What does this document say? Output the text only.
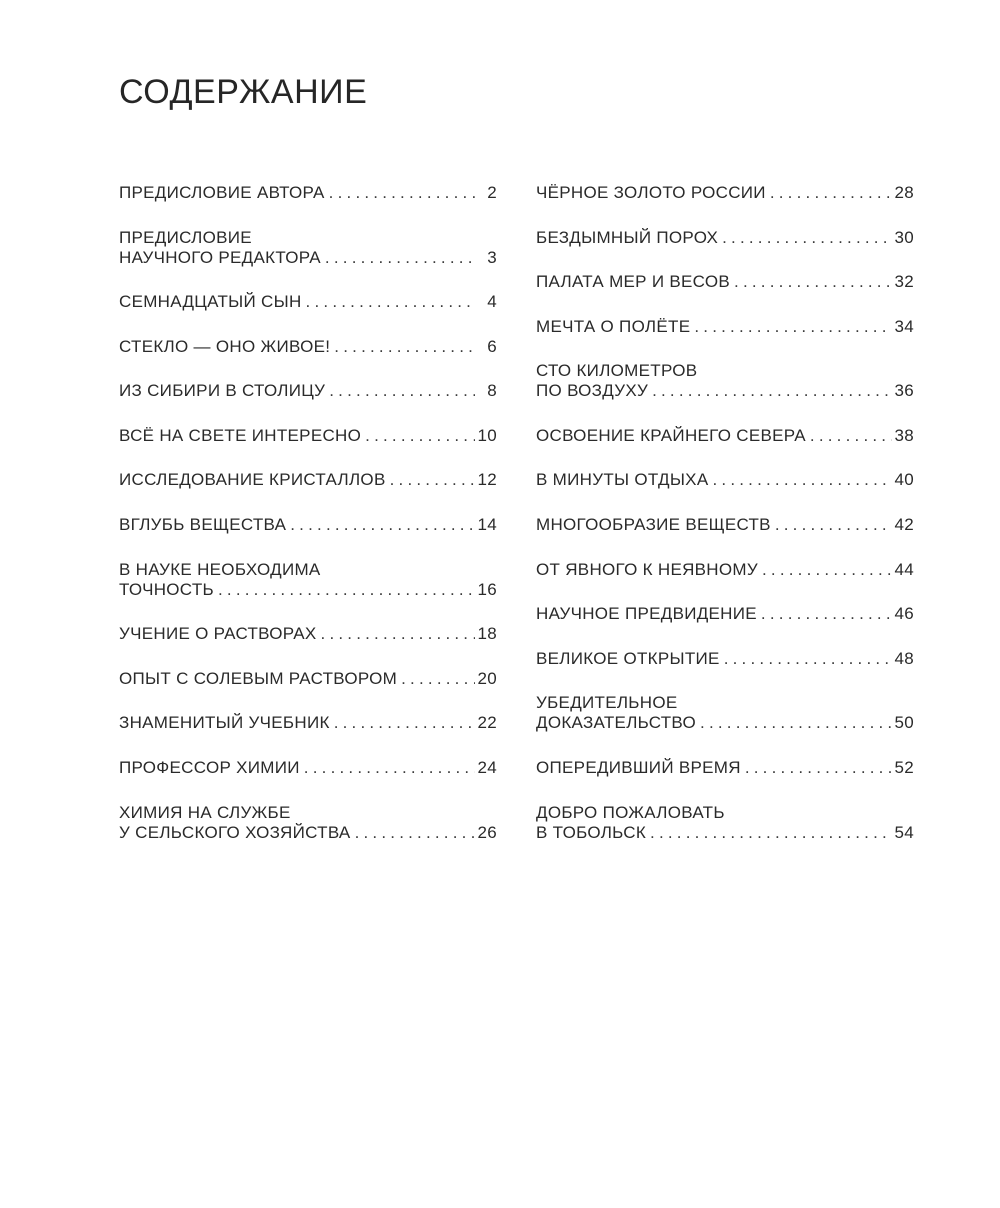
СОДЕРЖАНИЕ
ПРЕДИСЛОВИЕ АВТОРА .....	2
ПРЕДИСЛОВИЕ
НАУЧНОГО РЕДАКТОРА .....	3
СЕМНАДЦАТЫЙ СЫН .....	4
СТЕКЛО — ОНО ЖИВОЕ! .....	6
ИЗ СИБИРИ В СТОЛИЦУ .....	8
ВСЁ НА СВЕТЕ ИНТЕРЕСНО .....	10
ИССЛЕДОВАНИЕ КРИСТАЛЛОВ .....	12
ВГЛУБЬ ВЕЩЕСТВА .....	14
В НАУКЕ НЕОБХОДИМА
ТОЧНОСТЬ .....	16
УЧЕНИЕ О РАСТВОРАХ .....	18
ОПЫТ С СОЛЕВЫМ РАСТВОРОМ .....	20
ЗНАМЕНИТЫЙ УЧЕБНИК .....	22
ПРОФЕССОР ХИМИИ .....	24
ХИМИЯ НА СЛУЖБЕ
У СЕЛЬСКОГО ХОЗЯЙСТВА .....	26
ЧЁРНОЕ ЗОЛОТО РОССИИ .....	28
БЕЗДЫМНЫЙ ПОРОХ .....	30
ПАЛАТА МЕР И ВЕСОВ .....	32
МЕЧТА О ПОЛЁТЕ .....	34
СТО КИЛОМЕТРОВ
ПО ВОЗДУХУ .....	36
ОСВОЕНИЕ КРАЙНЕГО СЕВЕРА .....	38
В МИНУТЫ ОТДЫХА .....	40
МНОГООБРАЗИЕ ВЕЩЕСТВ .....	42
ОТ ЯВНОГО К НЕЯВНОМУ .....	44
НАУЧНОЕ ПРЕДВИДЕНИЕ .....	46
ВЕЛИКОЕ ОТКРЫТИЕ .....	48
УБЕДИТЕЛЬНОЕ
ДОКАЗАТЕЛЬСТВО .....	50
ОПЕРЕДИВШИЙ ВРЕМЯ .....	52
ДОБРО ПОЖАЛОВАТЬ
В ТОБОЛЬСК .....	54
